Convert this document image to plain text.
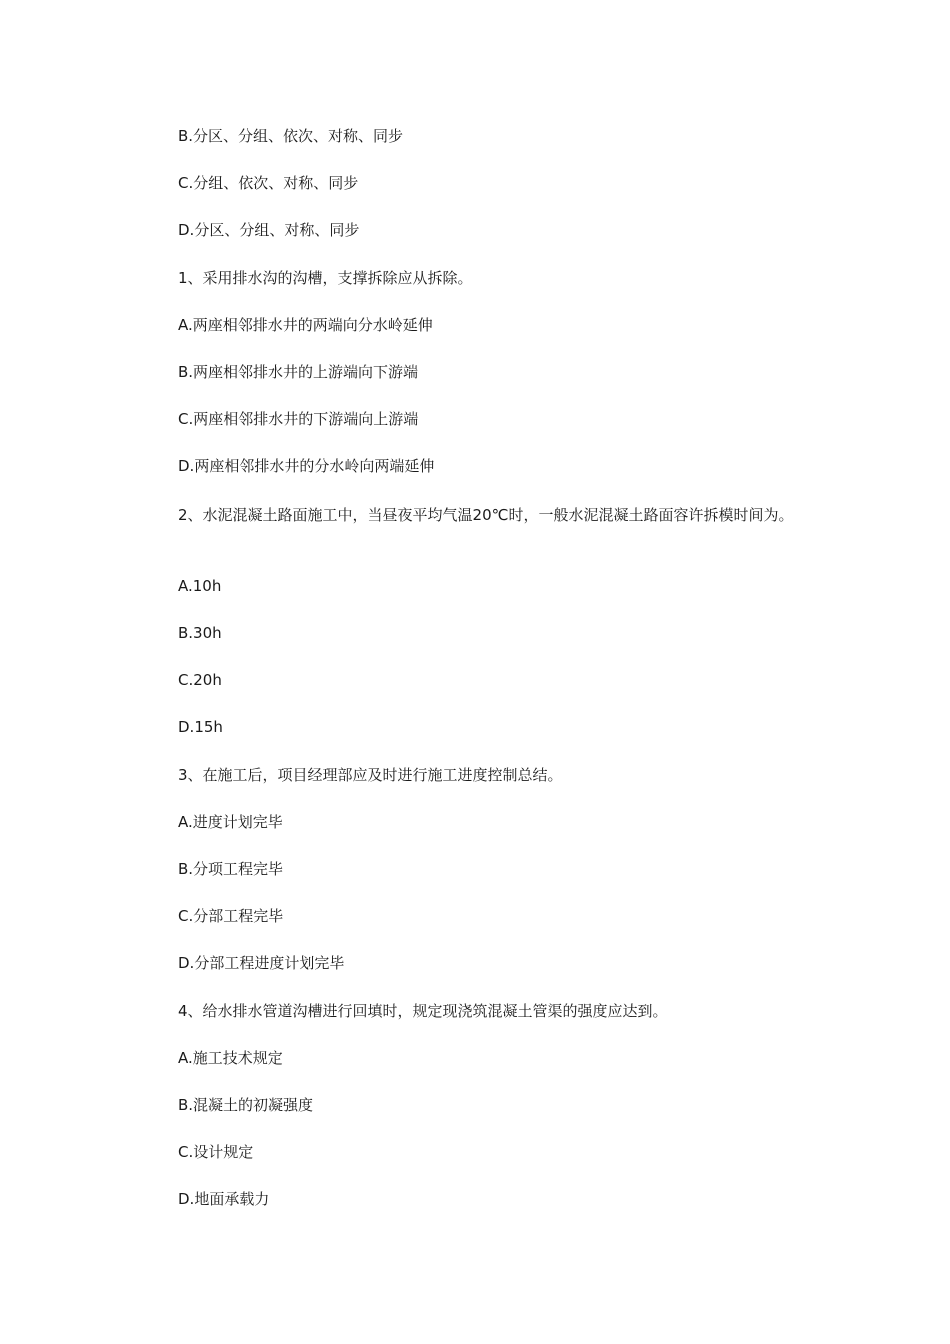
B.分区、分组、依次、对称、同步
C.分组、依次、对称、同步
D.分区、分组、对称、同步
1、采用排水沟的沟槽，支撑拆除应从拆除。
A.两座相邻排水井的两端向分水岭延伸
B.两座相邻排水井的上游端向下游端
C.两座相邻排水井的下游端向上游端
D.两座相邻排水井的分水岭向两端延伸
2、水泥混凝土路面施工中，当昼夜平均气温20℃时，一般水泥混凝土路面容许拆模时间为。
A.10h
B.30h
C.20h
D.15h
3、在施工后，项目经理部应及时进行施工进度控制总结。
A.进度计划完毕
B.分项工程完毕
C.分部工程完毕
D.分部工程进度计划完毕
4、给水排水管道沟槽进行回填时，规定现浇筑混凝土管渠的强度应达到。
A.施工技术规定
B.混凝土的初凝强度
C.设计规定
D.地面承载力
